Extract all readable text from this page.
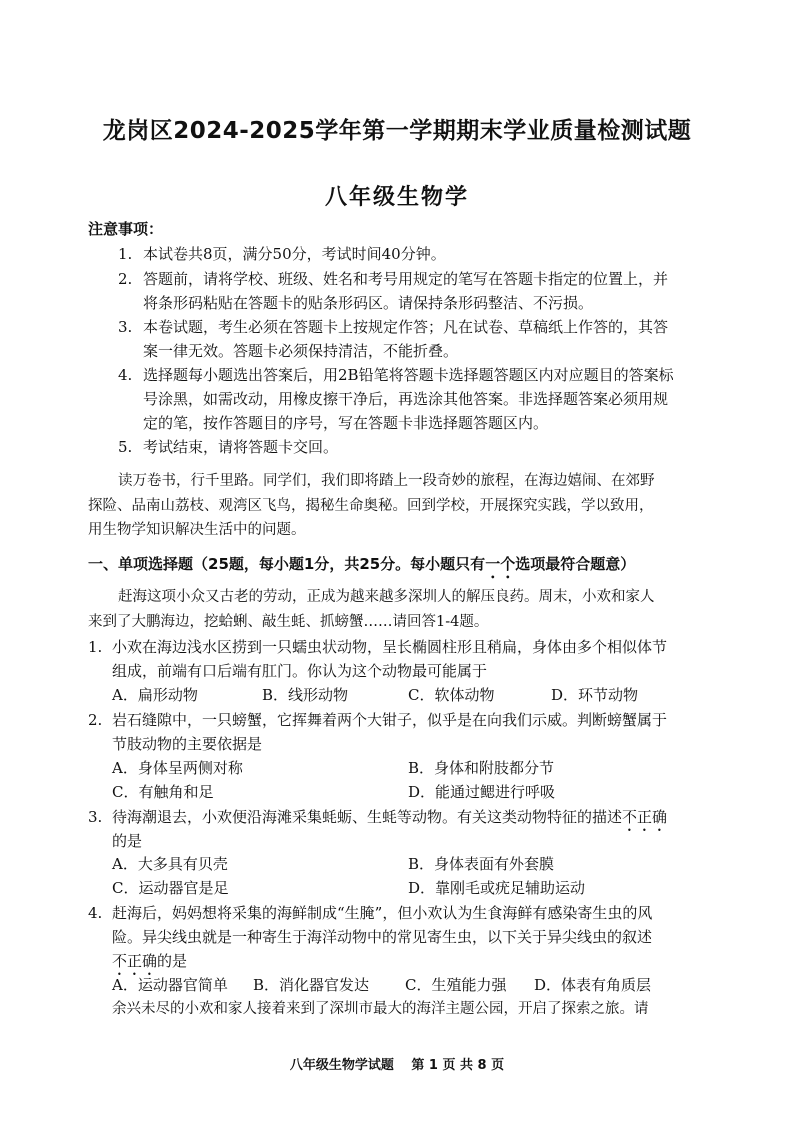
龙岗区2024-2025学年第一学期期末学业质量检测试题
八年级生物学
注意事项：
1. 本试卷共8页，满分50分，考试时间40分钟。
2. 答题前，请将学校、班级、姓名和考号用规定的笔写在答题卡指定的位置上，并
将条形码粘贴在答题卡的贴条形码区。请保持条形码整洁、不污损。
3. 本卷试题，考生必须在答题卡上按规定作答；凡在试卷、草稿纸上作答的，其答
案一律无效。答题卡必须保持清洁，不能折叠。
4. 选择题每小题选出答案后，用2B铅笔将答题卡选择题答题区内对应题目的答案标
号涂黑，如需改动，用橡皮擦干净后，再选涂其他答案。非选择题答案必须用规
定的笔，按作答题目的序号，写在答题卡非选择题答题区内。
5. 考试结束，请将答题卡交回。
读万卷书，行千里路。同学们，我们即将踏上一段奇妙的旅程，在海边嬉闹、在郊野
探险、品南山荔枝、观湾区飞鸟，揭秘生命奥秘。回到学校，开展探究实践，学以致用，
用生物学知识解决生活中的问题。
一、单项选择题（25题，每小题1分，共25分。每小题只有一个选项最符合题意）
赶海这项小众又古老的劳动，正成为越来越多深圳人的解压良药。周末，小欢和家人
来到了大鹏海边，挖蛤蜊、敲生蚝、抓螃蟹……请回答1-4题。
1. 小欢在海边浅水区捞到一只蠕虫状动物，呈长椭圆柱形且稍扁，身体由多个相似体节
组成，前端有口后端有肛门。你认为这个动物最可能属于
A．扁形动物	B．线形动物	C．软体动物	D．环节动物
2. 岩石缝隙中，一只螃蟹，它挥舞着两个大钳子，似乎是在向我们示威。判断螃蟹属于
节肢动物的主要依据是
A．身体呈两侧对称	B．身体和附肢都分节
C．有触角和足	D．能通过鳃进行呼吸
3. 待海潮退去，小欢便沿海滩采集蚝蛎、生蚝等动物。有关这类动物特征的描述不正确
的是
A．大多具有贝壳	B．身体表面有外套膜
C．运动器官是足	D．靠刚毛或疣足辅助运动
4. 赶海后，妈妈想将采集的海鲜制成“生腌”，但小欢认为生食海鲜有感染寄生虫的风
险。异尖线虫就是一种寄生于海洋动物中的常见寄生虫，以下关于异尖线虫的叙述
不正确的是
A．运动器官简单 B．消化器官发达 C．生殖能力强 D．体表有角质层
余兴未尽的小欢和家人接着来到了深圳市最大的海洋主题公园，开启了探索之旅。请
八年级生物学试题　 第 1 页 共 8 页
